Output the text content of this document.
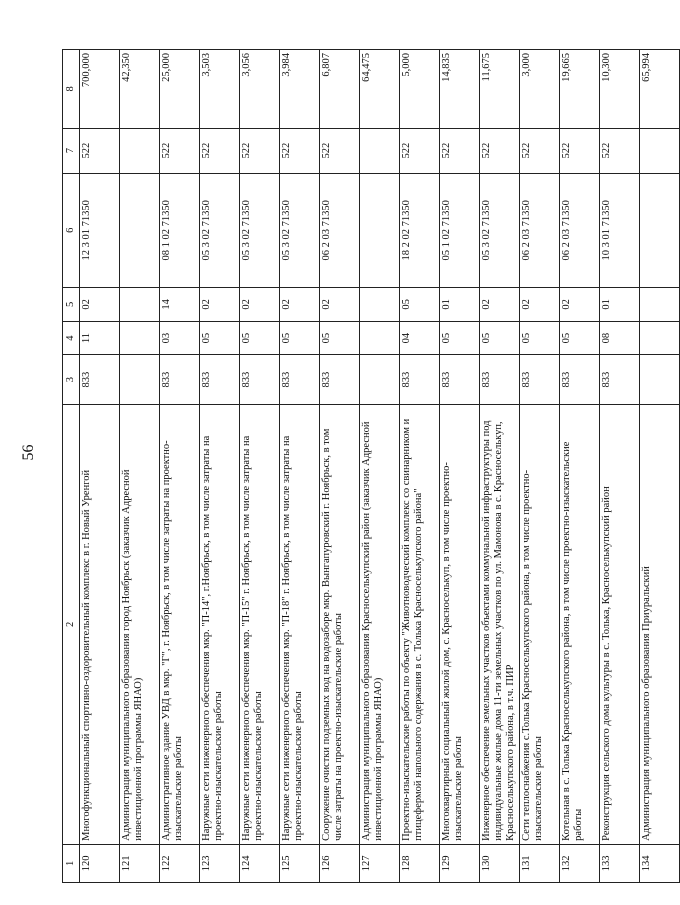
56
1	2	3	4	5	6	7	8
120	Многофункциональный спортивно-оздоровительный комплекс в г. Новый Уренгой	833	11	02	12 3 01 71350	522	700,000
121	Администрация муниципального образования город Ноябрьск (заказчик Адресной инвестиционной программы ЯНАО)						42,350
122	Административное здание УВД в мкр. "Г", г. Ноябрьск, в том числе затраты на проектно-изыскательские работы	833	03	14	08 1 02 71350	522	25,000
123	Наружные сети инженерного обеспечения мкр. "П-14", г.Ноябрьск, в том числе затраты на проектно-изыскательские работы	833	05	02	05 3 02 71350	522	3,503
124	Наружные сети инженерного обеспечения мкр. "П-15" г. Ноябрьск, в том числе затраты на проектно-изыскательские работы	833	05	02	05 3 02 71350	522	3,056
125	Наружные сети инженерного обеспечения мкр. "П-18" г. Ноябрьск, в том числе затраты на проектно-изыскательские работы	833	05	02	05 3 02 71350	522	3,984
126	Сооружение очистки подземных вод на водозаборе мкр. Вынгапуровский г. Ноябрьск, в том числе затраты на проектно-изыскательские работы	833	05	02	06 2 03 71350	522	6,807
127	Администрация муниципального образования Красноселькупский район (заказчик Адресной инвестиционной программы ЯНАО)						64,475
128	Проектно-изыскательские работы по объекту "Животноводческий комплекс со свинарником и птицефермой напольного содержания в с. Толька Красноселькупского района"	833	04	05	18 2 02 71350	522	5,000
129	Многоквартирный социальный жилой дом, с. Красноселькуп, в том числе проектно-изыскательские работы	833	05	01	05 1 02 71350	522	14,835
130	Инженерное обеспечение земельных участков объектами коммунальной инфраструктуры под индивидуальные жилые дома 11-ти земельных участков по ул. Мамонова в с. Красноселькуп, Красноселькупского района, в т.ч. ПИР	833	05	02	05 3 02 71350	522	11,675
131	Сети теплоснабжения с.Толька Красноселькупского района, в том числе проектно-изыскательские работы	833	05	02	06 2 03 71350	522	3,000
132	Котельная в с. Толька Красноселькупского района, в том числе проектно-изыскательские работы	833	05	02	06 2 03 71350	522	19,665
133	Реконструкция сельского дома культуры в с. Толька, Красноселькупский район	833	08	01	10 3 01 71350	522	10,300
134	Администрация муниципального образования Приуральский						65,994
